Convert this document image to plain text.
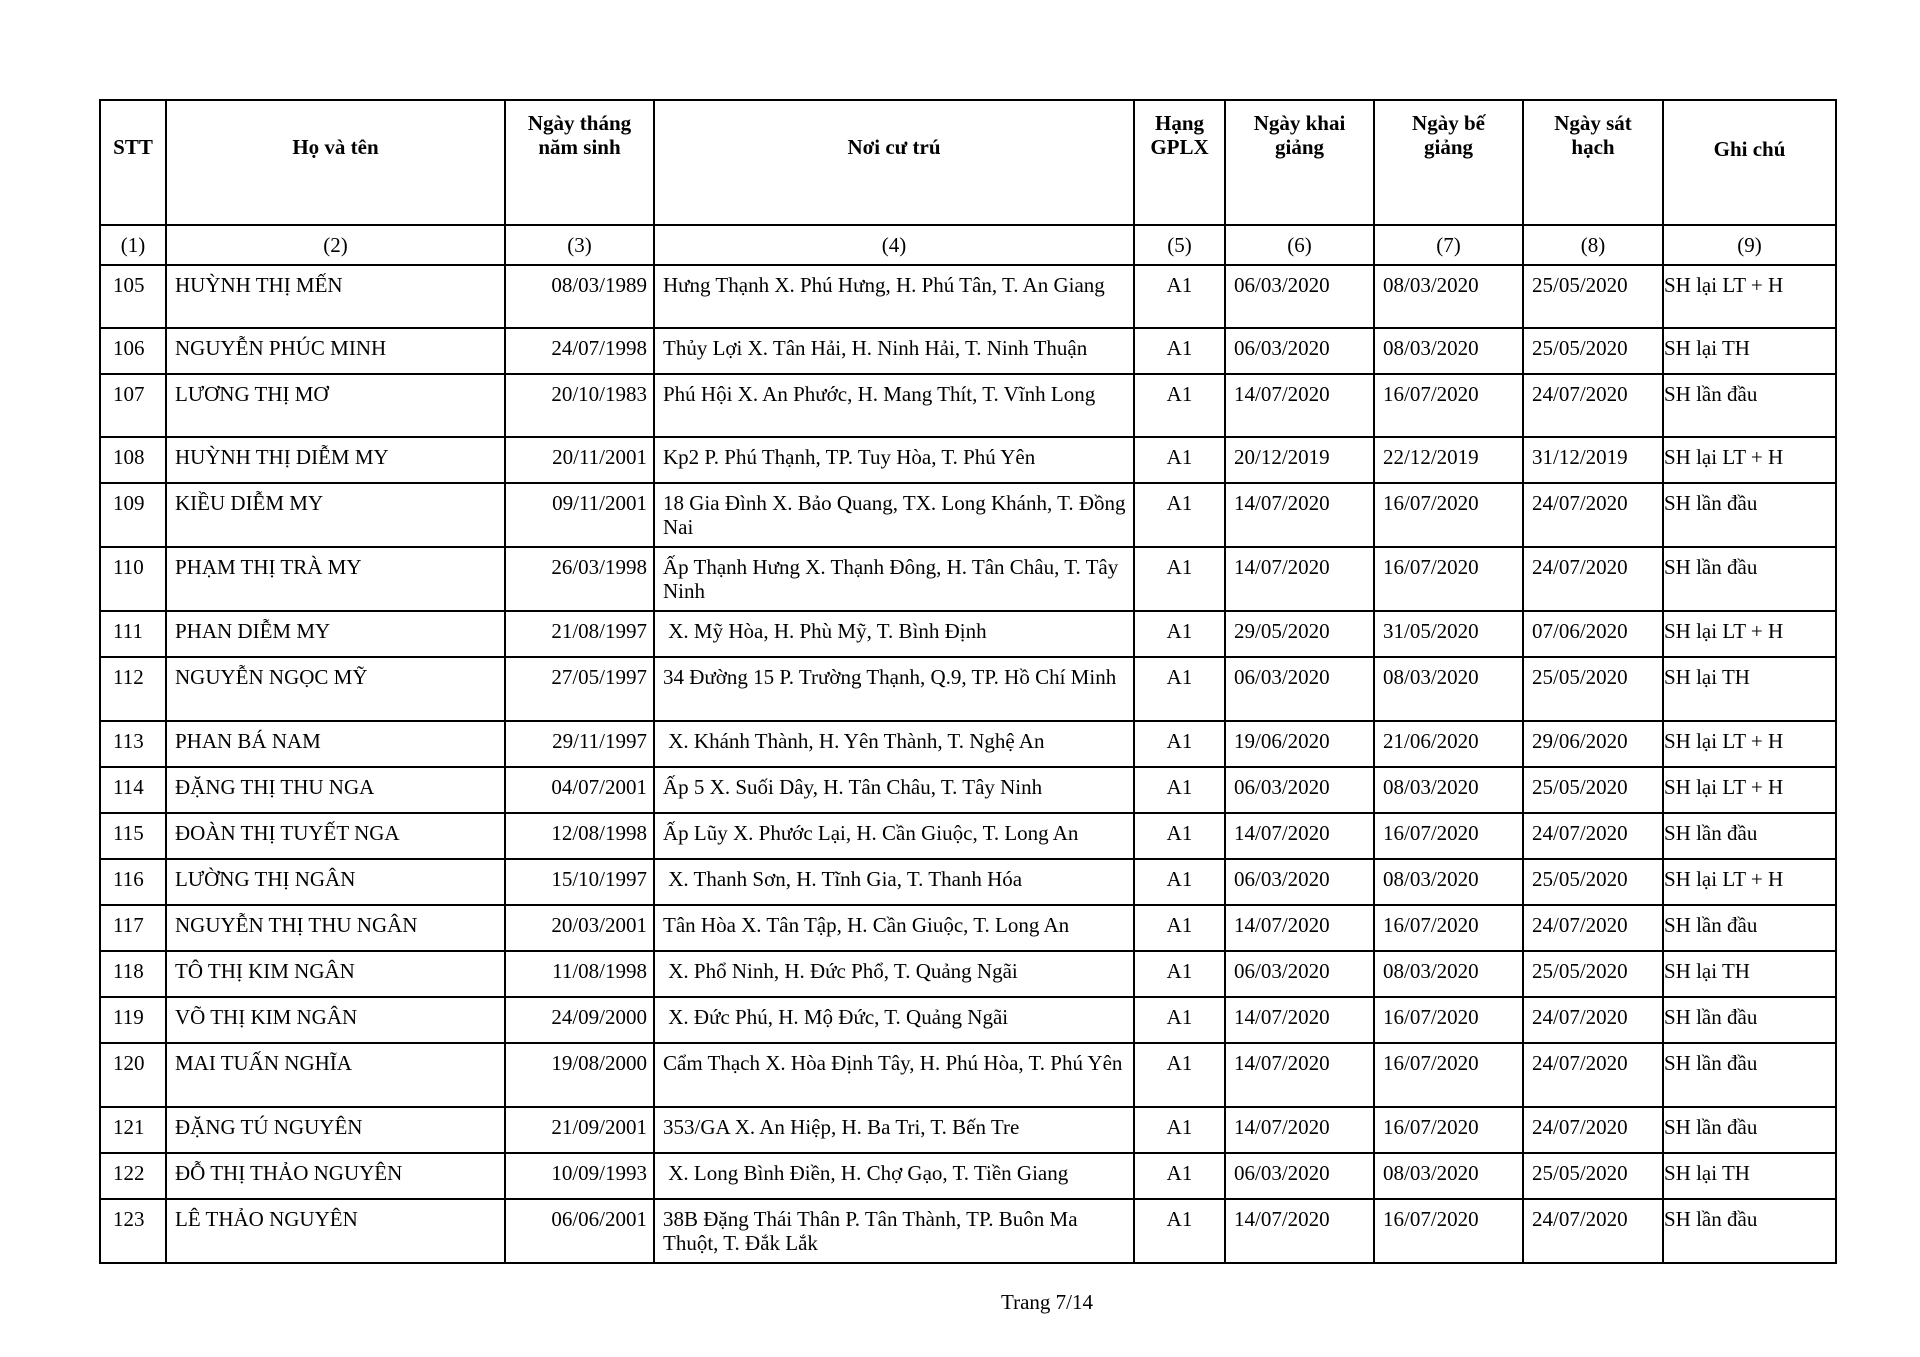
STT	Họ và tên	Ngày tháng năm sinh	Nơi cư trú	Hạng GPLX	Ngày khai giảng	Ngày bế giảng	Ngày sát hạch	Ghi chú
(1)	(2)	(3)	(4)	(5)	(6)	(7)	(8)	(9)
105	HUỲNH THỊ MẾN	08/03/1989	Hưng Thạnh X. Phú Hưng, H. Phú Tân, T. An Giang	A1	06/03/2020	08/03/2020	25/05/2020	SH lại LT + H
106	NGUYỄN PHÚC MINH	24/07/1998	Thủy Lợi X. Tân Hải, H. Ninh Hải, T. Ninh Thuận	A1	06/03/2020	08/03/2020	25/05/2020	SH lại TH
107	LƯƠNG THỊ MƠ	20/10/1983	Phú Hội X. An Phước, H. Mang Thít, T. Vĩnh Long	A1	14/07/2020	16/07/2020	24/07/2020	SH lần đầu
108	HUỲNH THỊ DIỄM MY	20/11/2001	Kp2 P. Phú Thạnh, TP. Tuy Hòa, T. Phú Yên	A1	20/12/2019	22/12/2019	31/12/2019	SH lại LT + H
109	KIỀU DIỄM MY	09/11/2001	18 Gia Đình X. Bảo Quang, TX. Long Khánh, T. Đồng Nai	A1	14/07/2020	16/07/2020	24/07/2020	SH lần đầu
110	PHẠM THỊ TRÀ MY	26/03/1998	Ấp Thạnh Hưng X. Thạnh Đông, H. Tân Châu, T. Tây Ninh	A1	14/07/2020	16/07/2020	24/07/2020	SH lần đầu
111	PHAN DIỄM MY	21/08/1997	X. Mỹ Hòa, H. Phù Mỹ, T. Bình Định	A1	29/05/2020	31/05/2020	07/06/2020	SH lại LT + H
112	NGUYỄN NGỌC MỸ	27/05/1997	34 Đường 15 P. Trường Thạnh, Q.9, TP. Hồ Chí Minh	A1	06/03/2020	08/03/2020	25/05/2020	SH lại TH
113	PHAN BÁ NAM	29/11/1997	X. Khánh Thành, H. Yên Thành, T. Nghệ An	A1	19/06/2020	21/06/2020	29/06/2020	SH lại LT + H
114	ĐẶNG THỊ THU NGA	04/07/2001	Ấp 5 X. Suối Dây, H. Tân Châu, T. Tây Ninh	A1	06/03/2020	08/03/2020	25/05/2020	SH lại LT + H
115	ĐOÀN THỊ TUYẾT NGA	12/08/1998	Ấp Lũy X. Phước Lại, H. Cần Giuộc, T. Long An	A1	14/07/2020	16/07/2020	24/07/2020	SH lần đầu
116	LƯỜNG THỊ NGÂN	15/10/1997	X. Thanh Sơn, H. Tĩnh Gia, T. Thanh Hóa	A1	06/03/2020	08/03/2020	25/05/2020	SH lại LT + H
117	NGUYỄN THỊ THU NGÂN	20/03/2001	Tân Hòa X. Tân Tập, H. Cần Giuộc, T. Long An	A1	14/07/2020	16/07/2020	24/07/2020	SH lần đầu
118	TÔ THỊ KIM NGÂN	11/08/1998	X. Phổ Ninh, H. Đức Phổ, T. Quảng Ngãi	A1	06/03/2020	08/03/2020	25/05/2020	SH lại TH
119	VÕ THỊ KIM NGÂN	24/09/2000	X. Đức Phú, H. Mộ Đức, T. Quảng Ngãi	A1	14/07/2020	16/07/2020	24/07/2020	SH lần đầu
120	MAI TUẤN NGHĨA	19/08/2000	Cẩm Thạch X. Hòa Định Tây, H. Phú Hòa, T. Phú Yên	A1	14/07/2020	16/07/2020	24/07/2020	SH lần đầu
121	ĐẶNG TÚ NGUYÊN	21/09/2001	353/GA X. An Hiệp, H. Ba Tri, T. Bến Tre	A1	14/07/2020	16/07/2020	24/07/2020	SH lần đầu
122	ĐỖ THỊ THẢO NGUYÊN	10/09/1993	X. Long Bình Điền, H. Chợ Gạo, T. Tiền Giang	A1	06/03/2020	08/03/2020	25/05/2020	SH lại TH
123	LÊ THẢO NGUYÊN	06/06/2001	38B Đặng Thái Thân P. Tân Thành, TP. Buôn Ma Thuột, T. Đắk Lắk	A1	14/07/2020	16/07/2020	24/07/2020	SH lần đầu
Trang 7/14
